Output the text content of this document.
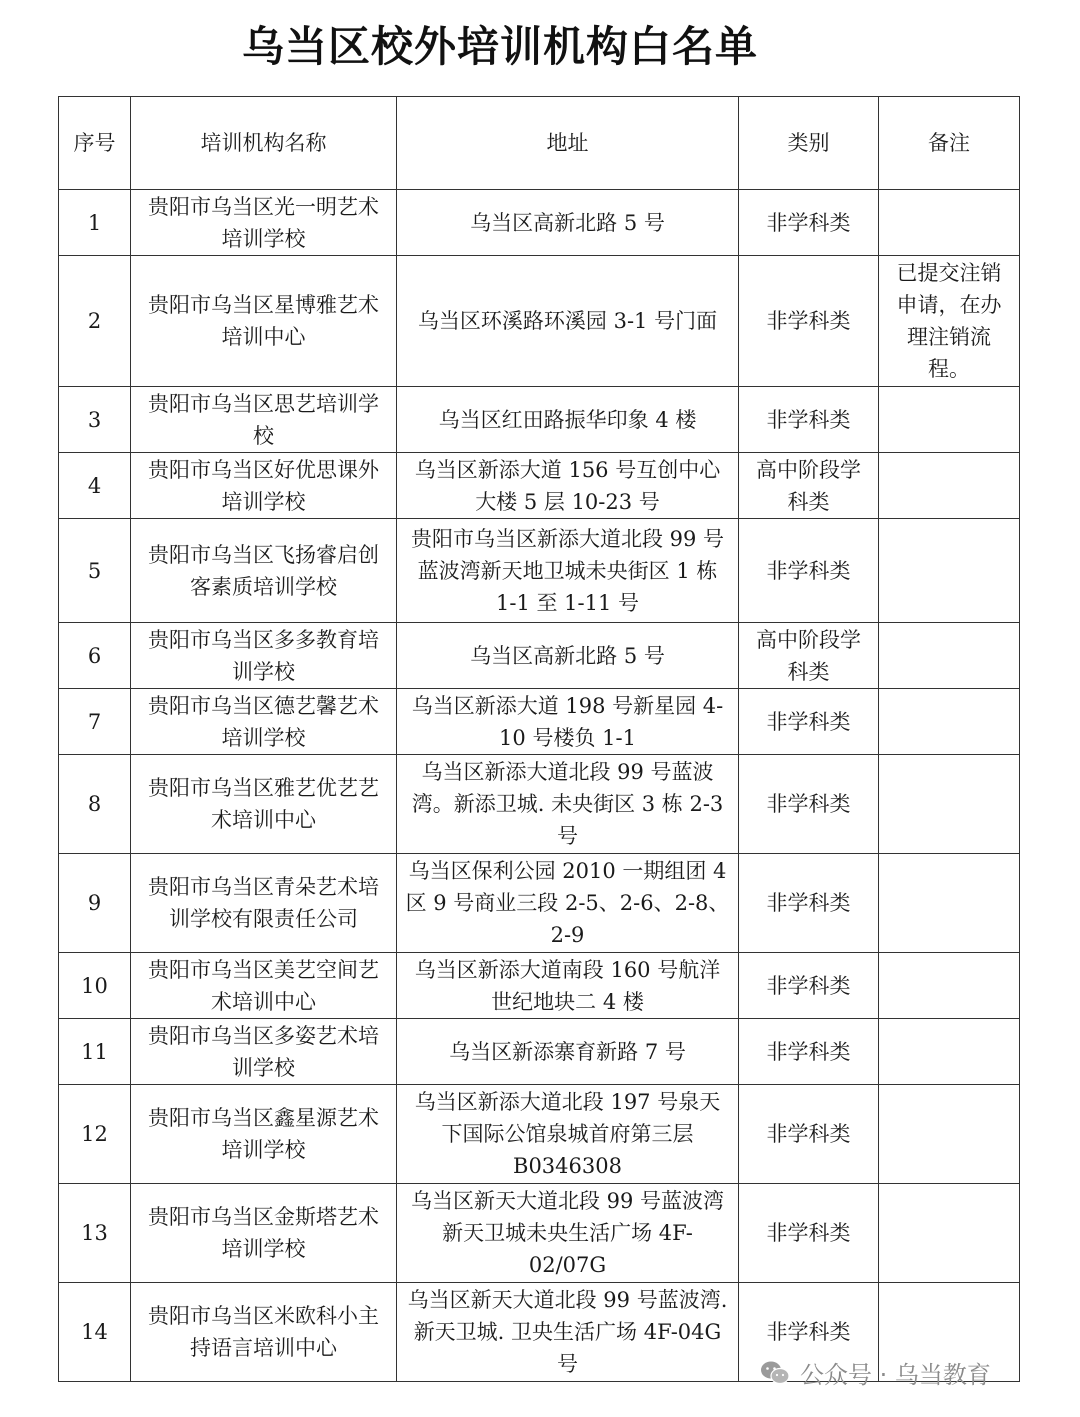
乌当区校外培训机构白名单
序号	培训机构名称	地址	类别	备注
1	贵阳市乌当区光一明艺术培训学校	乌当区高新北路 5 号	非学科类	
2	贵阳市乌当区星博雅艺术培训中心	乌当区环溪路环溪园 3-1 号门面	非学科类	已提交注销申请，在办理注销流程。
3	贵阳市乌当区思艺培训学校	乌当区红田路振华印象 4 楼	非学科类	
4	贵阳市乌当区好优思课外培训学校	乌当区新添大道 156 号互创中心大楼 5 层 10-23 号	高中阶段学科类	
5	贵阳市乌当区飞扬睿启创客素质培训学校	贵阳市乌当区新添大道北段 99 号蓝波湾新天地卫城未央街区 1 栋 1-1 至 1-11 号	非学科类	
6	贵阳市乌当区多多教育培训学校	乌当区高新北路 5 号	高中阶段学科类	
7	贵阳市乌当区德艺馨艺术培训学校	乌当区新添大道 198 号新星园 4-10 号楼负 1-1	非学科类	
8	贵阳市乌当区雅艺优艺艺术培训中心	乌当区新添大道北段 99 号蓝波湾。新添卫城. 未央街区 3 栋 2-3 号	非学科类	
9	贵阳市乌当区青朵艺术培训学校有限责任公司	乌当区保利公园 2010 一期组团 4 区 9 号商业三段 2-5、2-6、2-8、2-9	非学科类	
10	贵阳市乌当区美艺空间艺术培训中心	乌当区新添大道南段 160 号航洋世纪地块二 4 楼	非学科类	
11	贵阳市乌当区多姿艺术培训学校	乌当区新添寨育新路 7 号	非学科类	
12	贵阳市乌当区鑫星源艺术培训学校	乌当区新添大道北段 197 号泉天下国际公馆泉城首府第三层 B0346308	非学科类	
13	贵阳市乌当区金斯塔艺术培训学校	乌当区新天大道北段 99 号蓝波湾新天卫城未央生活广场 4F-02/07G	非学科类	
14	贵阳市乌当区米欧科小主持语言培训中心	乌当区新天大道北段 99 号蓝波湾. 新天卫城. 卫央生活广场 4F-04G 号	非学科类	
公众号 · 乌当教育
